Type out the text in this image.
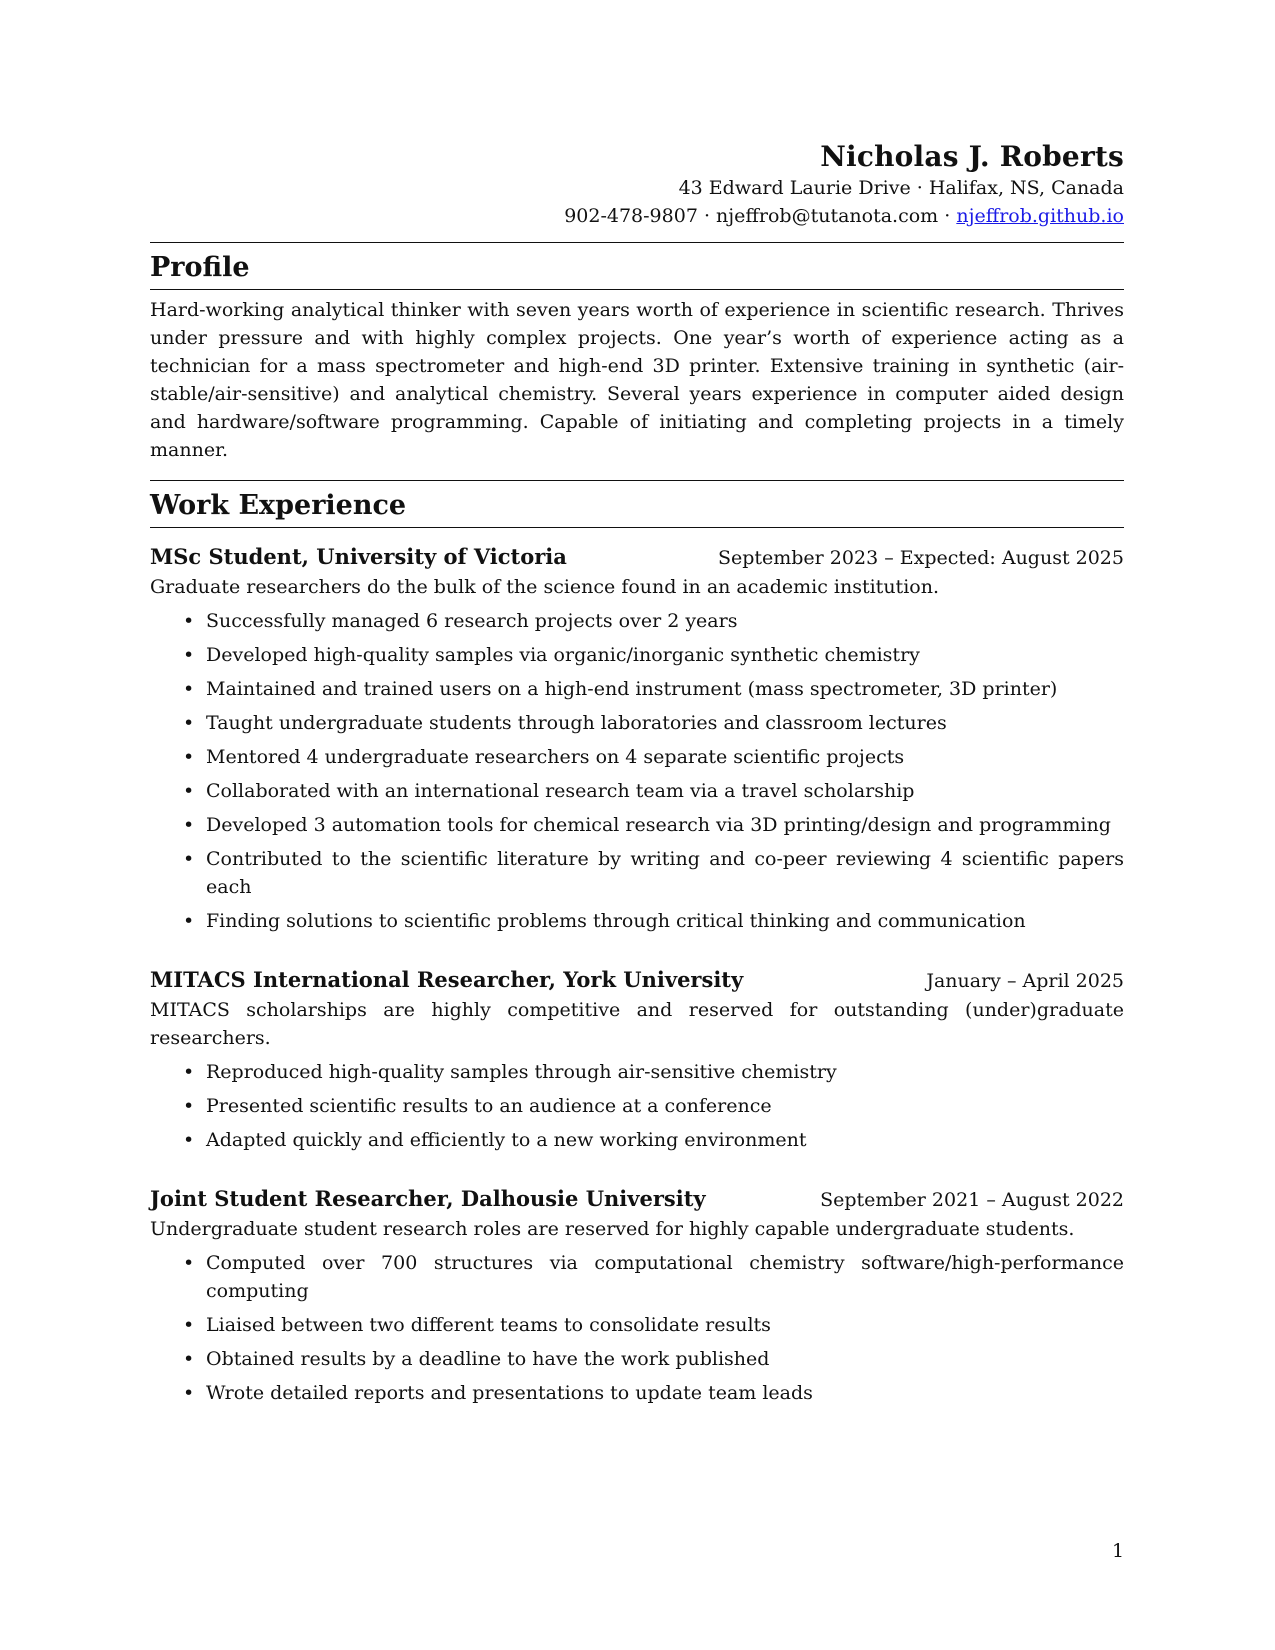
Nicholas J. Roberts
43 Edward Laurie Drive · Halifax, NS, Canada
902-478-9807 · njeffrob@tutanota.com · njeffrob.github.io
Profile

Hard-working analytical thinker with seven years worth of experience in scientific research. Thrives under pressure and with highly complex projects. One year’s worth of experience acting as a technician for a mass spectrometer and high-end 3D printer. Extensive training in synthetic (air-stable/air-sensitive) and analytical chemistry. Several years experience in computer aided design and hardware/software programming. Capable of initiating and completing projects in a timely manner.

Work Experience
MSc Student, University of Victoria	September 2023 – Expected: August 2025
Graduate researchers do the bulk of the science found in an academic institution.
• Successfully managed 6 research projects over 2 years
• Developed high-quality samples via organic/inorganic synthetic chemistry
• Maintained and trained users on a high-end instrument (mass spectrometer, 3D printer)
• Taught undergraduate students through laboratories and classroom lectures
• Mentored 4 undergraduate researchers on 4 separate scientific projects
• Collaborated with an international research team via a travel scholarship
• Developed 3 automation tools for chemical research via 3D printing/design and programming
• Contributed to the scientific literature by writing and co-peer reviewing 4 scientific papers each
• Finding solutions to scientific problems through critical thinking and communication
MITACS International Researcher, York University	January – April 2025
MITACS scholarships are highly competitive and reserved for outstanding (under)graduate researchers.
• Reproduced high-quality samples through air-sensitive chemistry
• Presented scientific results to an audience at a conference
• Adapted quickly and efficiently to a new working environment
Joint Student Researcher, Dalhousie University	September 2021 – August 2022
Undergraduate student research roles are reserved for highly capable undergraduate students.
• Computed over 700 structures via computational chemistry software/high-performance computing
• Liaised between two different teams to consolidate results
• Obtained results by a deadline to have the work published
• Wrote detailed reports and presentations to update team leads
1
